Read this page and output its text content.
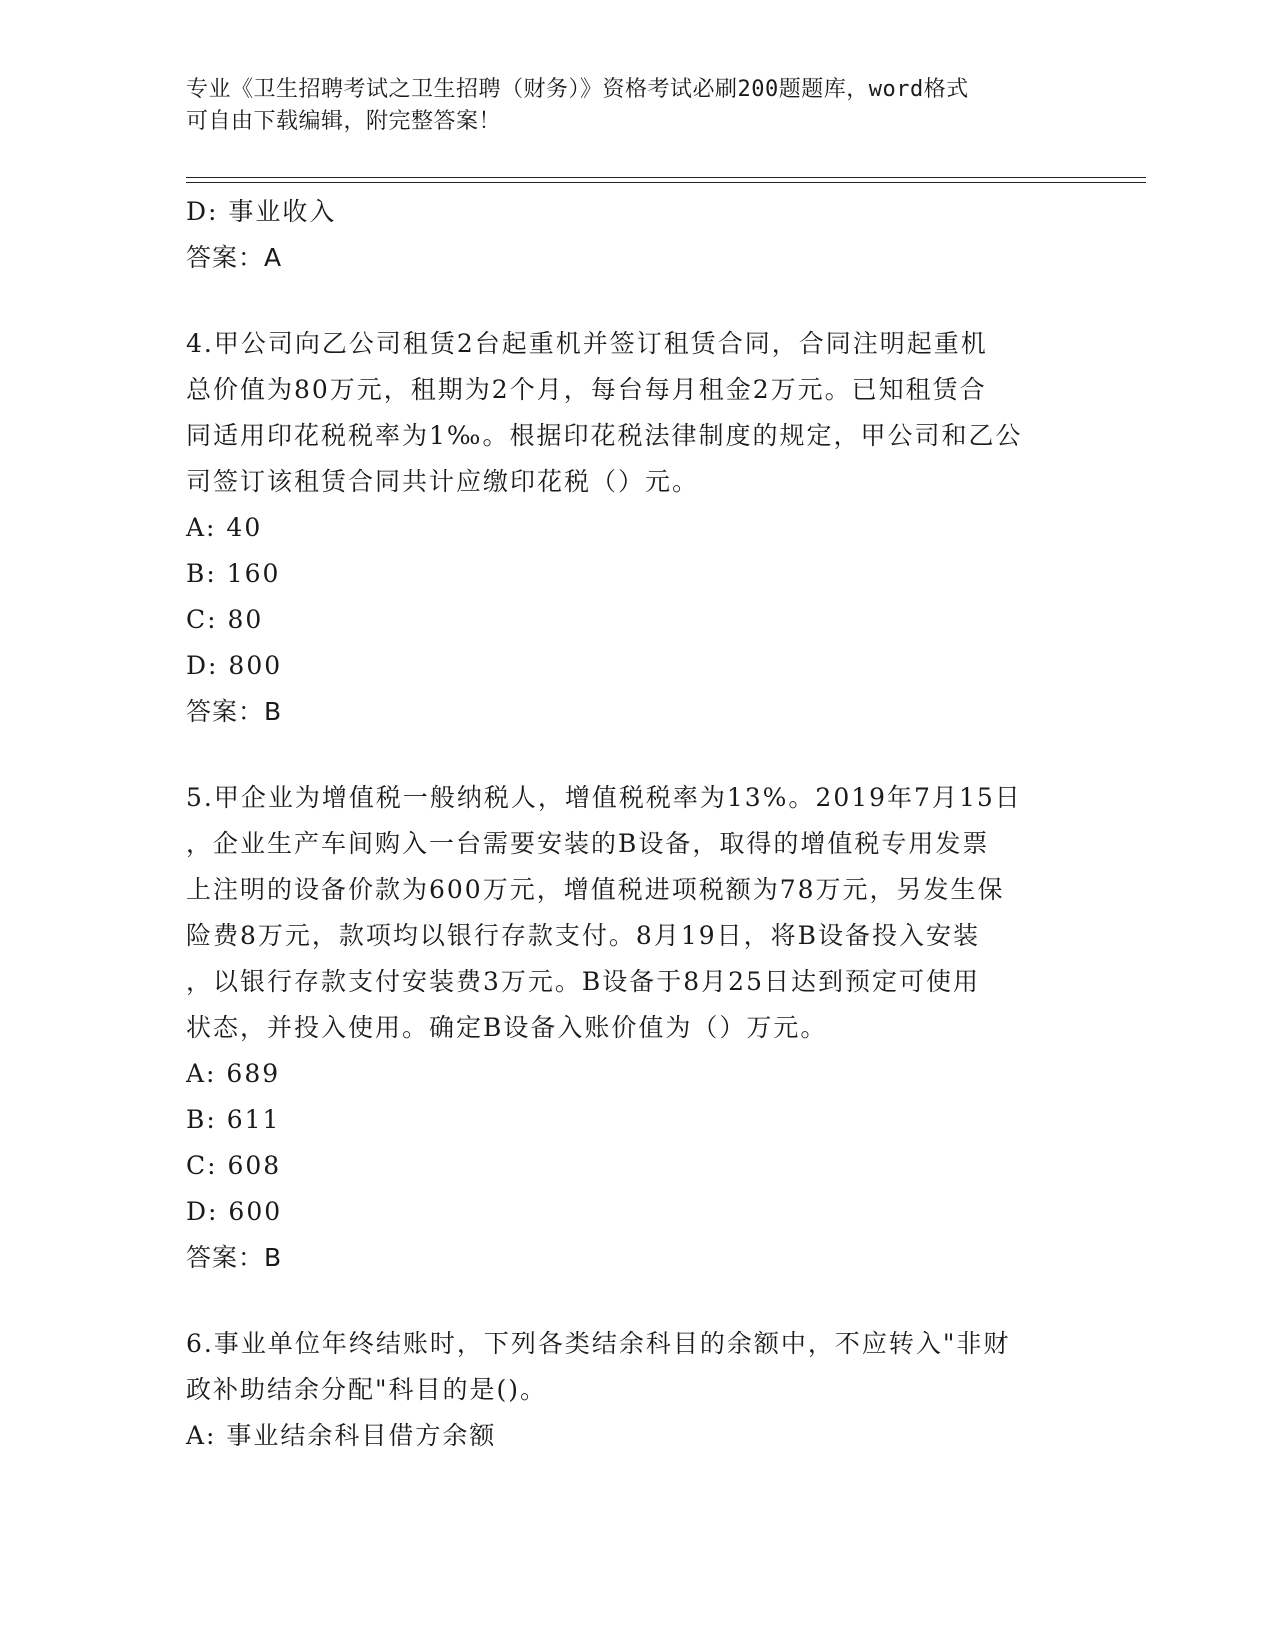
专业《卫生招聘考试之卫生招聘（财务）》资格考试必刷200题题库，word格式
可自由下载编辑，附完整答案！
D: 事业收入
答案：A
4.甲公司向乙公司租赁2台起重机并签订租赁合同，合同注明起重机
总价值为80万元，租期为2个月，每台每月租金2万元。已知租赁合
同适用印花税税率为1‰。根据印花税法律制度的规定，甲公司和乙公
司签订该租赁合同共计应缴印花税（）元。
A: 40
B: 160
C: 80
D: 800
答案：B
5.甲企业为增值税一般纳税人，增值税税率为13%。2019年7月15日
，企业生产车间购入一台需要安装的B设备，取得的增值税专用发票
上注明的设备价款为600万元，增值税进项税额为78万元，另发生保
险费8万元，款项均以银行存款支付。8月19日，将B设备投入安装
，以银行存款支付安装费3万元。B设备于8月25日达到预定可使用
状态，并投入使用。确定B设备入账价值为（）万元。
A: 689
B: 611
C: 608
D: 600
答案：B
6.事业单位年终结账时，下列各类结余科目的余额中，不应转入"非财
政补助结余分配"科目的是()。
A: 事业结余科目借方余额
